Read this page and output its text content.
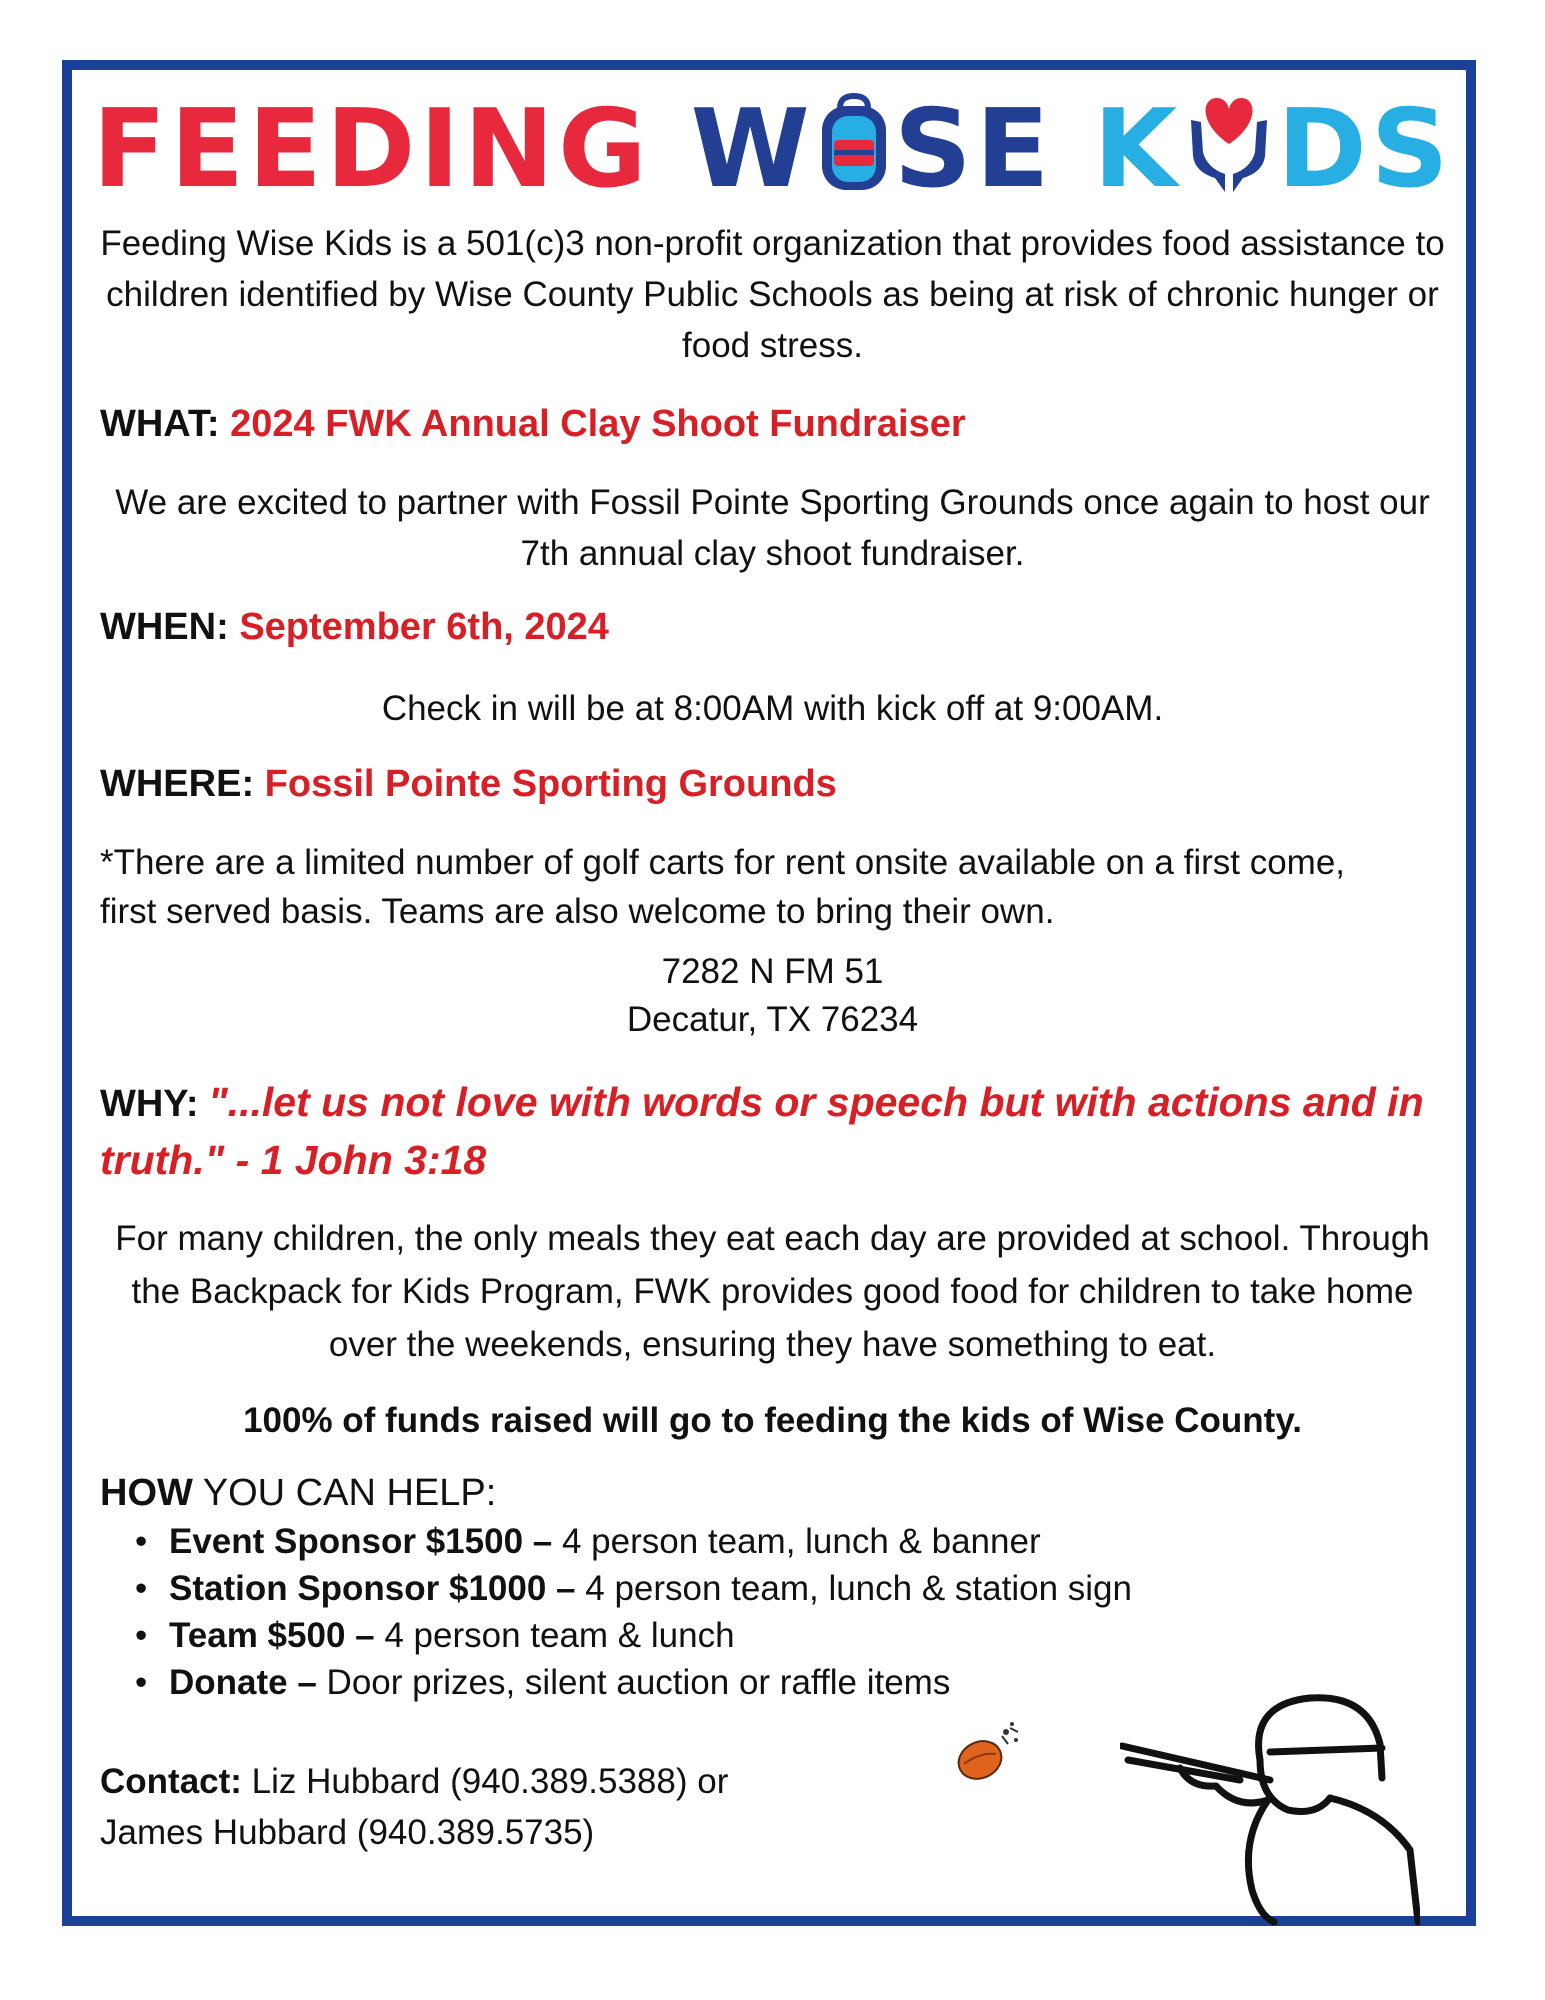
FEEDING W SE K DS
Feeding Wise Kids is a 501(c)3 non-profit organization that provides food assistance to children identified by Wise County Public Schools as being at risk of chronic hunger or food stress.
WHAT: 2024 FWK Annual Clay Shoot Fundraiser
We are excited to partner with Fossil Pointe Sporting Grounds once again to host our 7th annual clay shoot fundraiser.
WHEN: September 6th, 2024
Check in will be at 8:00AM with kick off at 9:00AM.
WHERE: Fossil Pointe Sporting Grounds
*There are a limited number of golf carts for rent onsite available on a first come, first served basis. Teams are also welcome to bring their own.
7282 N FM 51
Decatur, TX 76234
WHY: "...let us not love with words or speech but with actions and in truth." - 1 John 3:18
For many children, the only meals they eat each day are provided at school. Through the Backpack for Kids Program, FWK provides good food for children to take home over the weekends, ensuring they have something to eat.
100% of funds raised will go to feeding the kids of Wise County.
HOW YOU CAN HELP:
• Event Sponsor $1500 – 4 person team, lunch & banner
• Station Sponsor $1000 – 4 person team, lunch & station sign
• Team $500 – 4 person team & lunch
• Donate – Door prizes, silent auction or raffle items
Contact: Liz Hubbard (940.389.5388) or
James Hubbard (940.389.5735)
